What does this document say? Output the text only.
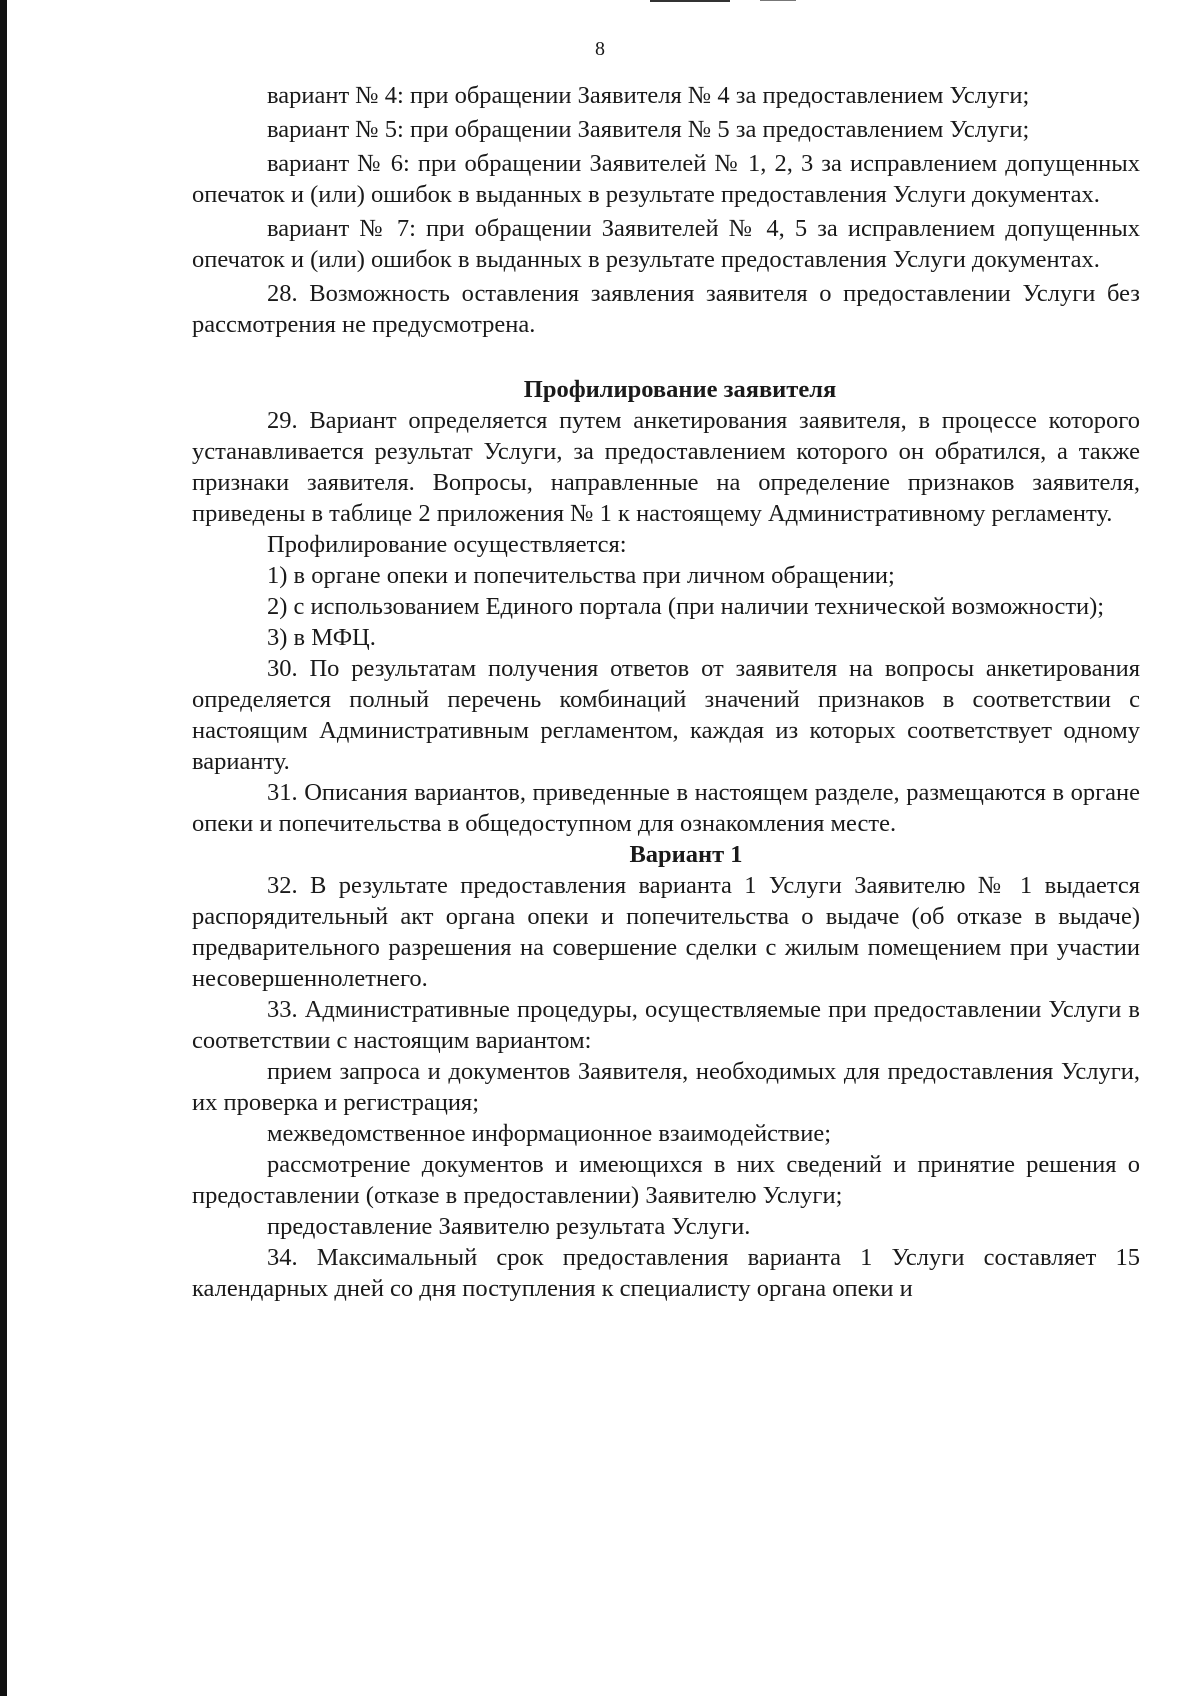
8

вариант № 4: при обращении Заявителя № 4 за предоставлением Услуги;

вариант № 5: при обращении Заявителя № 5 за предоставлением Услуги;

вариант № 6: при обращении Заявителей № 1, 2, 3 за исправлением допущенных опечаток и (или) ошибок в выданных в результате предоставления Услуги документах.

вариант № 7: при обращении Заявителей № 4, 5 за исправлением допущенных опечаток и (или) ошибок в выданных в результате предоставления Услуги документах.

28. Возможность оставления заявления заявителя о предоставлении Услуги без рассмотрения не предусмотрена.

Профилирование заявителя

29. Вариант определяется путем анкетирования заявителя, в процессе которого устанавливается результат Услуги, за предоставлением которого он обратился, а также признаки заявителя. Вопросы, направленные на определение признаков заявителя, приведены в таблице 2 приложения № 1 к настоящему Административному регламенту.

Профилирование осуществляется:

1) в органе опеки и попечительства при личном обращении;

2) с использованием Единого портала (при наличии технической возможности);

3) в МФЦ.

30. По результатам получения ответов от заявителя на вопросы анкетирования определяется полный перечень комбинаций значений признаков в соответствии с настоящим Административным регламентом, каждая из которых соответствует одному варианту.

31. Описания вариантов, приведенные в настоящем разделе, размещаются в органе опеки и попечительства в общедоступном для ознакомления месте.

Вариант 1

32. В результате предоставления варианта 1 Услуги Заявителю № 1 выдается распорядительный акт органа опеки и попечительства о выдаче (об отказе в выдаче) предварительного разрешения на совершение сделки с жилым помещением при участии несовершеннолетнего.

33. Административные процедуры, осуществляемые при предоставлении Услуги в соответствии с настоящим вариантом:

прием запроса и документов Заявителя, необходимых для предоставления Услуги, их проверка и регистрация;

межведомственное информационное взаимодействие;

рассмотрение документов и имеющихся в них сведений и принятие решения о предоставлении (отказе в предоставлении) Заявителю Услуги;

предоставление Заявителю результата Услуги.

34. Максимальный срок предоставления варианта 1 Услуги составляет 15 календарных дней со дня поступления к специалисту органа опеки и
